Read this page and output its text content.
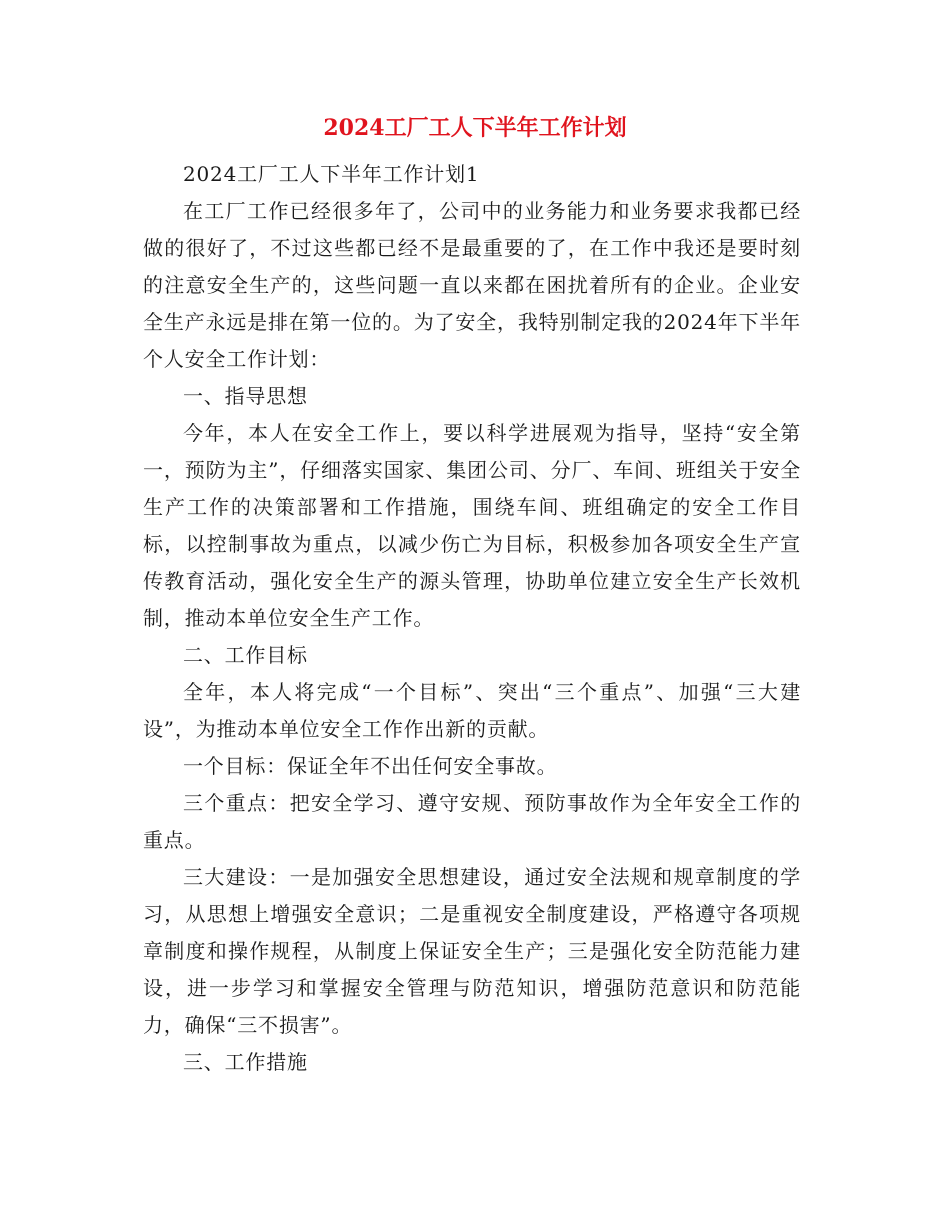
2024工厂工人下半年工作计划

2024工厂工人下半年工作计划1

在工厂工作已经很多年了，公司中的业务能力和业务要求我都已经做的很好了，不过这些都已经不是最重要的了，在工作中我还是要时刻的注意安全生产的，这些问题一直以来都在困扰着所有的企业。企业安全生产永远是排在第一位的。为了安全，我特别制定我的2024年下半年个人安全工作计划：

一、指导思想

今年，本人在安全工作上，要以科学进展观为指导，坚持“安全第一，预防为主”，仔细落实国家、集团公司、分厂、车间、班组关于安全生产工作的决策部署和工作措施，围绕车间、班组确定的安全工作目标，以控制事故为重点，以减少伤亡为目标，积极参加各项安全生产宣传教育活动，强化安全生产的源头管理，协助单位建立安全生产长效机制，推动本单位安全生产工作。

二、工作目标

全年，本人将完成“一个目标”、突出“三个重点”、加强“三大建设”，为推动本单位安全工作作出新的贡献。

一个目标：保证全年不出任何安全事故。

三个重点：把安全学习、遵守安规、预防事故作为全年安全工作的重点。

三大建设：一是加强安全思想建设，通过安全法规和规章制度的学习，从思想上增强安全意识；二是重视安全制度建设，严格遵守各项规章制度和操作规程，从制度上保证安全生产；三是强化安全防范能力建设，进一步学习和掌握安全管理与防范知识，增强防范意识和防范能力，确保“三不损害”。

三、工作措施
